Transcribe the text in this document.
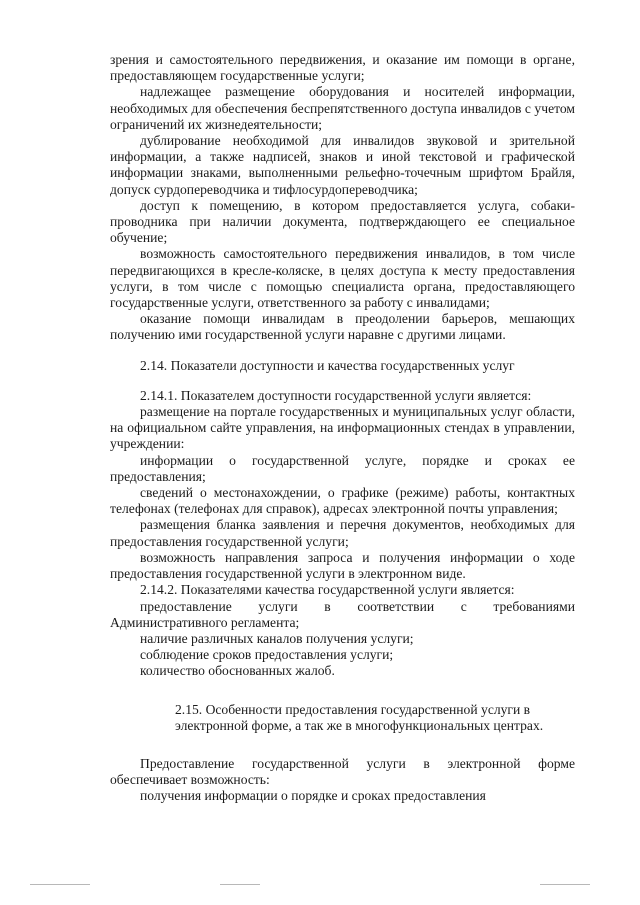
зрения и самостоятельного передвижения, и оказание им помощи в органе, предоставляющем государственные услуги;

надлежащее размещение оборудования и носителей информации, необходимых для обеспечения беспрепятственного доступа инвалидов с учетом ограничений их жизнедеятельности;

дублирование необходимой для инвалидов звуковой и зрительной информации, а также надписей, знаков и иной текстовой и графической информации знаками, выполненными рельефно-точечным шрифтом Брайля, допуск сурдопереводчика и тифлосурдопереводчика;

доступ к помещению, в котором предоставляется услуга, собаки-проводника при наличии документа, подтверждающего ее специальное обучение;

возможность самостоятельного передвижения инвалидов, в том числе передвигающихся в кресле-коляске, в целях доступа к месту предоставления услуги, в том числе с помощью специалиста органа, предоставляющего государственные услуги, ответственного за работу с инвалидами;

оказание помощи инвалидам в преодолении барьеров, мешающих получению ими государственной услуги наравне с другими лицами.

2.14. Показатели доступности и качества государственных услуг

2.14.1. Показателем доступности государственной услуги является:

размещение на портале государственных и муниципальных услуг области, на официальном сайте управления, на информационных стендах в управлении, учреждении:

информации о государственной услуге, порядке и сроках ее предоставления;

сведений о местонахождении, о графике (режиме) работы, контактных телефонах (телефонах для справок), адресах электронной почты управления;

размещения бланка заявления и перечня документов, необходимых для предоставления государственной услуги;

возможность направления запроса и получения информации о ходе предоставления государственной услуги в электронном виде.

2.14.2. Показателями качества государственной услуги является:

предоставление услуги в соответствии с требованиями Административного регламента;

наличие различных каналов получения услуги;

соблюдение сроков предоставления услуги;

количество обоснованных жалоб.

2.15. Особенности предоставления государственной услуги в электронной форме, а так же в многофункциональных центрах.

Предоставление государственной услуги в электронной форме обеспечивает возможность:

получения информации о порядке и сроках предоставления
